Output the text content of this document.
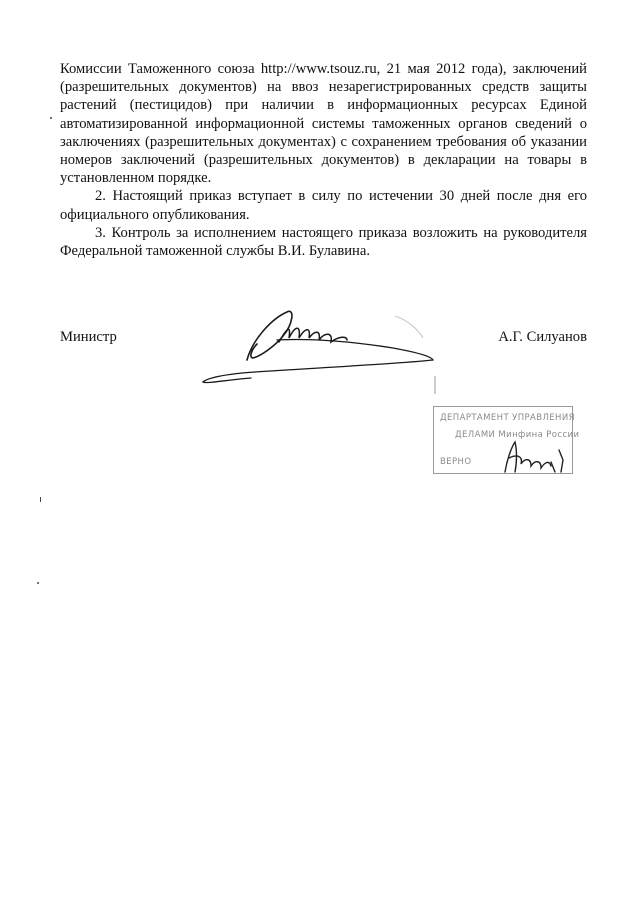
Комиссии Таможенного союза http://www.tsouz.ru, 21 мая 2012 года), заключений (разрешительных документов) на ввоз незарегистрированных средств защиты растений (пестицидов) при наличии в информационных ресурсах Единой автоматизированной информационной системы таможенных органов сведений о заключениях (разрешительных документах) с сохранением требования об указании номеров заключений (разрешительных документов) в декларации на товары в установленном порядке.

2. Настоящий приказ вступает в силу по истечении 30 дней после дня его официального опубликования.

3. Контроль за исполнением настоящего приказа возложить на руководителя Федеральной таможенной службы В.И. Булавина.

Министр	А.Г. Силуанов
ДЕПАРТАМЕНТ УПРАВЛЕНИЯ
ДЕЛАМИ Минфина России
ВЕРНО
